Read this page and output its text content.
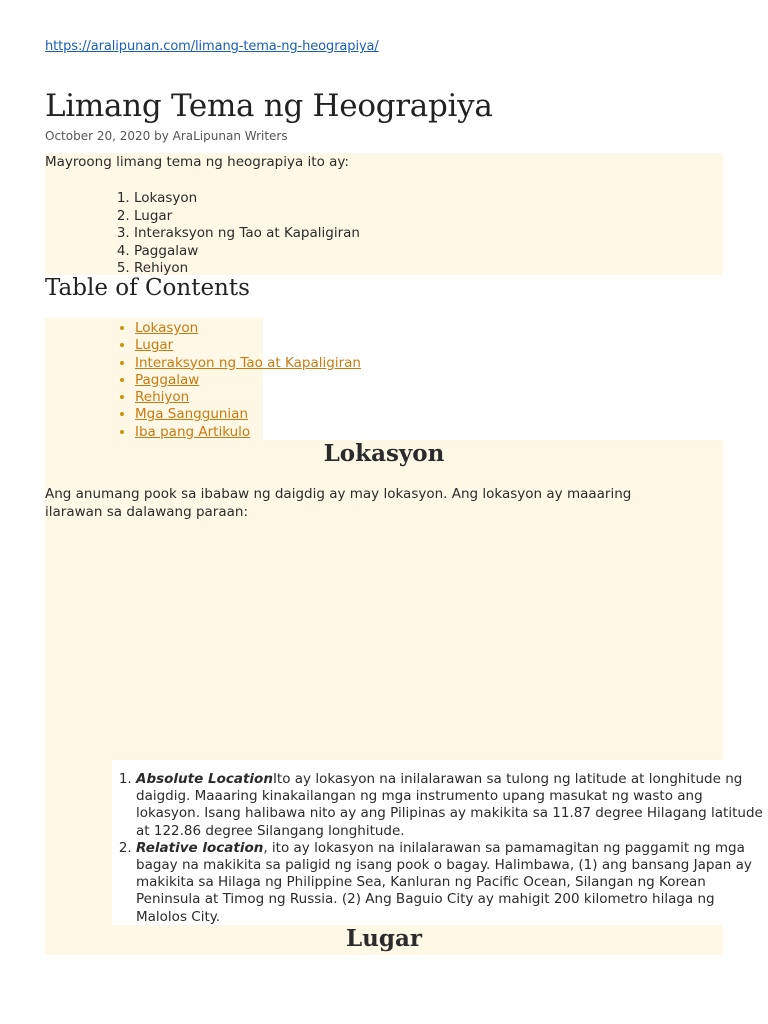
https://aralipunan.com/limang-tema-ng-heograpiya/
Limang Tema ng Heograpiya
October 20, 2020 by AraLipunan Writers
Mayroong limang tema ng heograpiya ito ay:
1. Lokasyon
2. Lugar
3. Interaksyon ng Tao at Kapaligiran
4. Paggalaw
5. Rehiyon
Table of Contents
• Lokasyon
• Lugar
• Interaksyon ng Tao at Kapaligiran
• Paggalaw
• Rehiyon
• Mga Sanggunian
• Iba pang Artikulo
Lokasyon
Ang anumang pook sa ibabaw ng daigdig ay may lokasyon. Ang lokasyon ay maaaring ilarawan sa dalawang paraan:
1. Absolute LocationIto ay lokasyon na inilalarawan sa tulong ng latitude at longhitude ng daigdig. Maaaring kinakailangan ng mga instrumento upang masukat ng wasto ang lokasyon. Isang halibawa nito ay ang Pilipinas ay makikita sa 11.87 degree Hilagang latitude at 122.86 degree Silangang longhitude.
2. Relative location, ito ay lokasyon na inilalarawan sa pamamagitan ng paggamit ng mga bagay na makikita sa paligid ng isang pook o bagay. Halimbawa, (1) ang bansang Japan ay makikita sa Hilaga ng Philippine Sea, Kanluran ng Pacific Ocean, Silangan ng Korean Peninsula at Timog ng Russia. (2) Ang Baguio City ay mahigit 200 kilometro hilaga ng Malolos City.
Lugar
